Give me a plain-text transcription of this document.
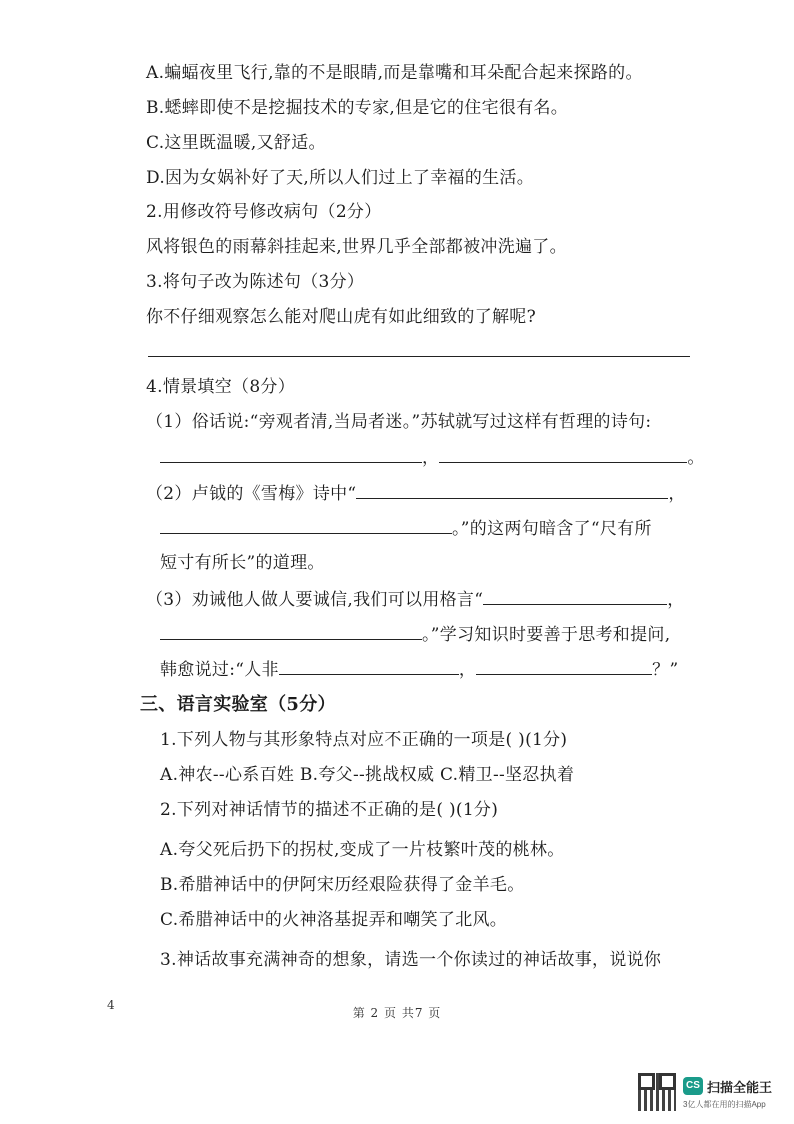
A.蝙蝠夜里飞行,靠的不是眼睛,而是靠嘴和耳朵配合起来探路的。
B.蟋蟀即使不是挖掘技术的专家,但是它的住宅很有名。
C.这里既温暖,又舒适。
D.因为女娲补好了天,所以人们过上了幸福的生活。
2.用修改符号修改病句（2分）
风将银色的雨幕斜挂起来,世界几乎全部都被冲洗遍了。
3.将句子改为陈述句（3分）
你不仔细观察怎么能对爬山虎有如此细致的了解呢?
4.情景填空（8分）
（1）俗话说:“旁观者清,当局者迷。”苏轼就写过这样有哲理的诗句:
，	。
（2）卢钺的《雪梅》诗中“	，
。”的这两句暗含了“尺有所
短寸有所长”的道理。
（3）劝诫他人做人要诚信,我们可以用格言“	，
。”学习知识时要善于思考和提问,
韩愈说过:“人非	，	？”
三、语言实验室（5分）
1.下列人物与其形象特点对应不正确的一项是( )(1分)
A.神农--心系百姓 B.夸父--挑战权威 C.精卫--坚忍执着
2.下列对神话情节的描述不正确的是( )(1分)
A.夸父死后扔下的拐杖,变成了一片枝繁叶茂的桃林。
B.希腊神话中的伊阿宋历经艰险获得了金羊毛。
C.希腊神话中的火神洛基捉弄和嘲笑了北风。
3.神话故事充满神奇的想象，请选一个你读过的神话故事，说说你
4
第 2 页 共7 页
CS 扫描全能王
3亿人都在用的扫描App
